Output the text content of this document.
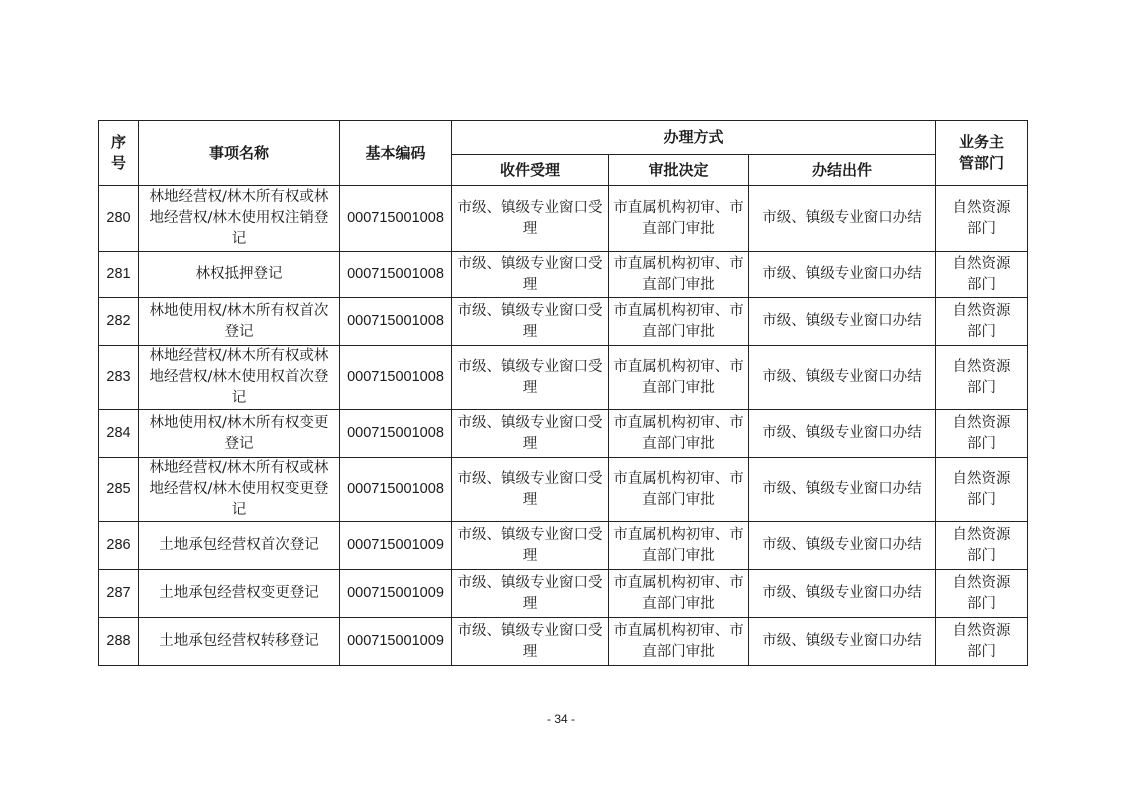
序号	事项名称	基本编码	办理方式			业务主管部门
			收件受理	审批决定	办结出件	
280	林地经营权/林木所有权或林地经营权/林木使用权注销登记	000715001008	市级、镇级专业窗口受理	市直属机构初审、市直部门审批	市级、镇级专业窗口办结	自然资源部门
281	林权抵押登记	000715001008	市级、镇级专业窗口受理	市直属机构初审、市直部门审批	市级、镇级专业窗口办结	自然资源部门
282	林地使用权/林木所有权首次登记	000715001008	市级、镇级专业窗口受理	市直属机构初审、市直部门审批	市级、镇级专业窗口办结	自然资源部门
283	林地经营权/林木所有权或林地经营权/林木使用权首次登记	000715001008	市级、镇级专业窗口受理	市直属机构初审、市直部门审批	市级、镇级专业窗口办结	自然资源部门
284	林地使用权/林木所有权变更登记	000715001008	市级、镇级专业窗口受理	市直属机构初审、市直部门审批	市级、镇级专业窗口办结	自然资源部门
285	林地经营权/林木所有权或林地经营权/林木使用权变更登记	000715001008	市级、镇级专业窗口受理	市直属机构初审、市直部门审批	市级、镇级专业窗口办结	自然资源部门
286	土地承包经营权首次登记	000715001009	市级、镇级专业窗口受理	市直属机构初审、市直部门审批	市级、镇级专业窗口办结	自然资源部门
287	土地承包经营权变更登记	000715001009	市级、镇级专业窗口受理	市直属机构初审、市直部门审批	市级、镇级专业窗口办结	自然资源部门
288	土地承包经营权转移登记	000715001009	市级、镇级专业窗口受理	市直属机构初审、市直部门审批	市级、镇级专业窗口办结	自然资源部门
- 34 -
